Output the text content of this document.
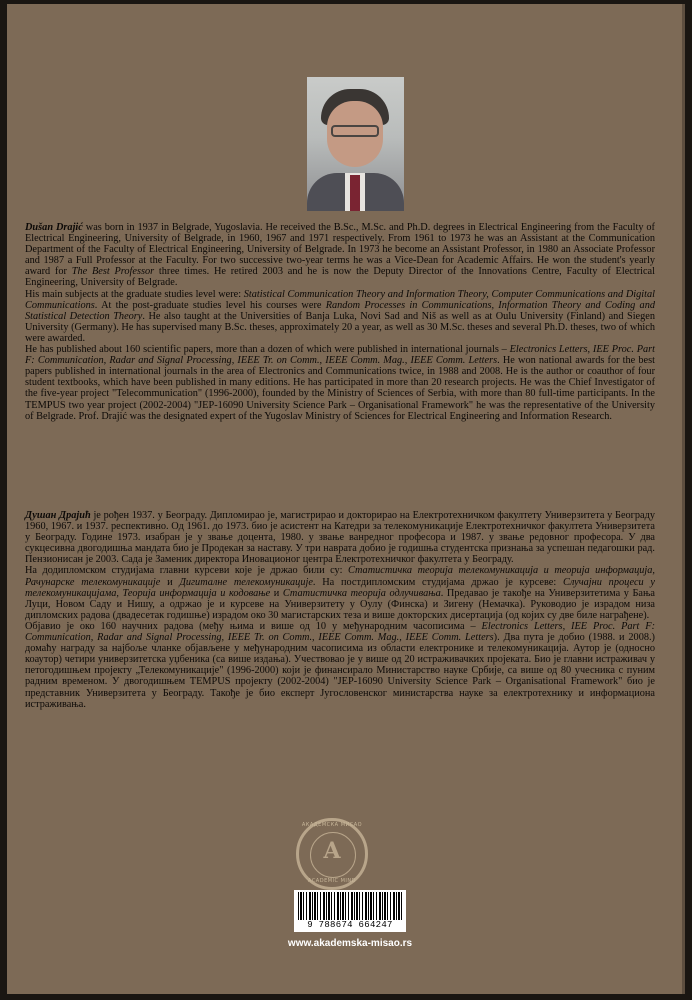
Dušan Drajić was born in 1937 in Belgrade, Yugoslavia. He received the B.Sc., M.Sc. and Ph.D. degrees in Electrical Engineering from the Faculty of Electrical Engineering, University of Belgrade, in 1960, 1967 and 1971 respectively. From 1961 to 1973 he was an Assistant at the Communication Department of the Faculty of Electrical Engineering, University of Belgrade. In 1973 he become an Assistant Professor, in 1980 an Associate Professor and 1987 a Full Professor at the Faculty. For two successive two-year terms he was a Vice-Dean for Academic Affairs. He won the student's yearly award for The Best Professor three times. He retired 2003 and he is now the Deputy Director of the Innovations Centre, Faculty of Electrical Engineering, University of Belgrade.

His main subjects at the graduate studies level were: Statistical Communication Theory and Information Theory, Computer Communications and Digital Communications. At the post-graduate studies level his courses were Random Processes in Communications, Information Theory and Coding and Statistical Detection Theory. He also taught at the Universities of Banja Luka, Novi Sad and Niš as well as at Oulu University (Finland) and Siegen University (Germany). He has supervised many B.Sc. theses, approximately 20 a year, as well as 30 M.Sc. theses and several Ph.D. theses, two of which were awarded.

He has published about 160 scientific papers, more than a dozen of which were published in international journals – Electronics Letters, IEE Proc. Part F: Communication, Radar and Signal Processing, IEEE Tr. on Comm., IEEE Comm. Mag., IEEE Comm. Letters. He won national awards for the best papers published in international journals in the area of Electronics and Communications twice, in 1988 and 2008. He is the author or coauthor of four student textbooks, which have been published in many editions. He has participated in more than 20 research projects. He was the Chief Investigator of the five-year project "Telecommunication" (1996-2000), founded by the Ministry of Sciences of Serbia, with more than 80 full-time participants. In the TEMPUS two year project (2002-2004) "JEP-16090 University Science Park – Organisational Framework" he was the representative of the University of Belgrade. Prof. Drajić was the designated expert of the Yugoslav Ministry of Sciences for Electrical Engineering and Information Research.

Душан Драјић је рођен 1937. у Београду. Дипломирао је, магистрирао и докторирао на Електротехничком факултету Универзитета у Београду 1960, 1967. и 1937. респективно. Од 1961. до 1973. био је асистент на Катедри за телекомуникације Електротехничког факултета Универзитета у Београду. Године 1973. изабран је у звање доцента, 1980. у звање ванредног професора и 1987. у звање редовног професора. У два сукцесивна двогодишња мандата био је Продекан за наставу. У три наврата добио је годишња студентска признања за успешан педагошки рад. Пензионисан је 2003. Сада је Заменик директора Иновационог центра Електротехничког факултета у Београду.

На додипломском студијама главни курсеви које је држао били су: Статистичка теорија телекомуникација и теорија информација, Рачунарске телекомуникације и Дигиталне телекомуникације. На постдипломским студијама држао је курсеве: Случајни процеси у телекомуникацијама, Теорија информација и кодовање и Статистичка теорија одлучивања. Предавао је такође на Универзитетима у Бањa Луци, Новом Саду и Нишу, а одржао је и курсеве на Универзитету у Оулу (Финска) и Зигену (Немачка). Руководио је израдом низа дипломских радова (двадесетак годишње) израдом око 30 магистарских теза и више докторских дисертација (од којих су две биле награђене).

Објавио је око 160 научних радова (међу њима и више од 10 у међународним часописима – Electronics Letters, IEE Proc. Part F: Communication, Radar and Signal Processing, IEEE Tr. on Comm., IEEE Comm. Mag., IEEE Comm. Letters). Два пута је добио (1988. и 2008.) домаћу награду за најбоље чланке објављене у међународним часописима из области електронике и телекомуникација. Аутор је (односно коаутор) четири универзитетска уџбеника (са више издања). Учествовао је у више од 20 истраживачких пројеката. Био је главни истраживач у петогодишњем пројекту „Телекомуникације" (1996-2000) који је финансирало Министарство науке Србије, са више од 80 учесника с пуним радним временом. У двогодишњем TEMPUS пројекту (2002-2004) "JEP-16090 University Science Park – Organisational Framework" био је представник Универзитета у Београду. Такође је био експерт Југословенског министарства науке за електротехнику и информациона истраживања.

АКАДЕМСКА МИСАО
A
ACADEMIC MIND
9 788674 664247
www.akademska-misao.rs
